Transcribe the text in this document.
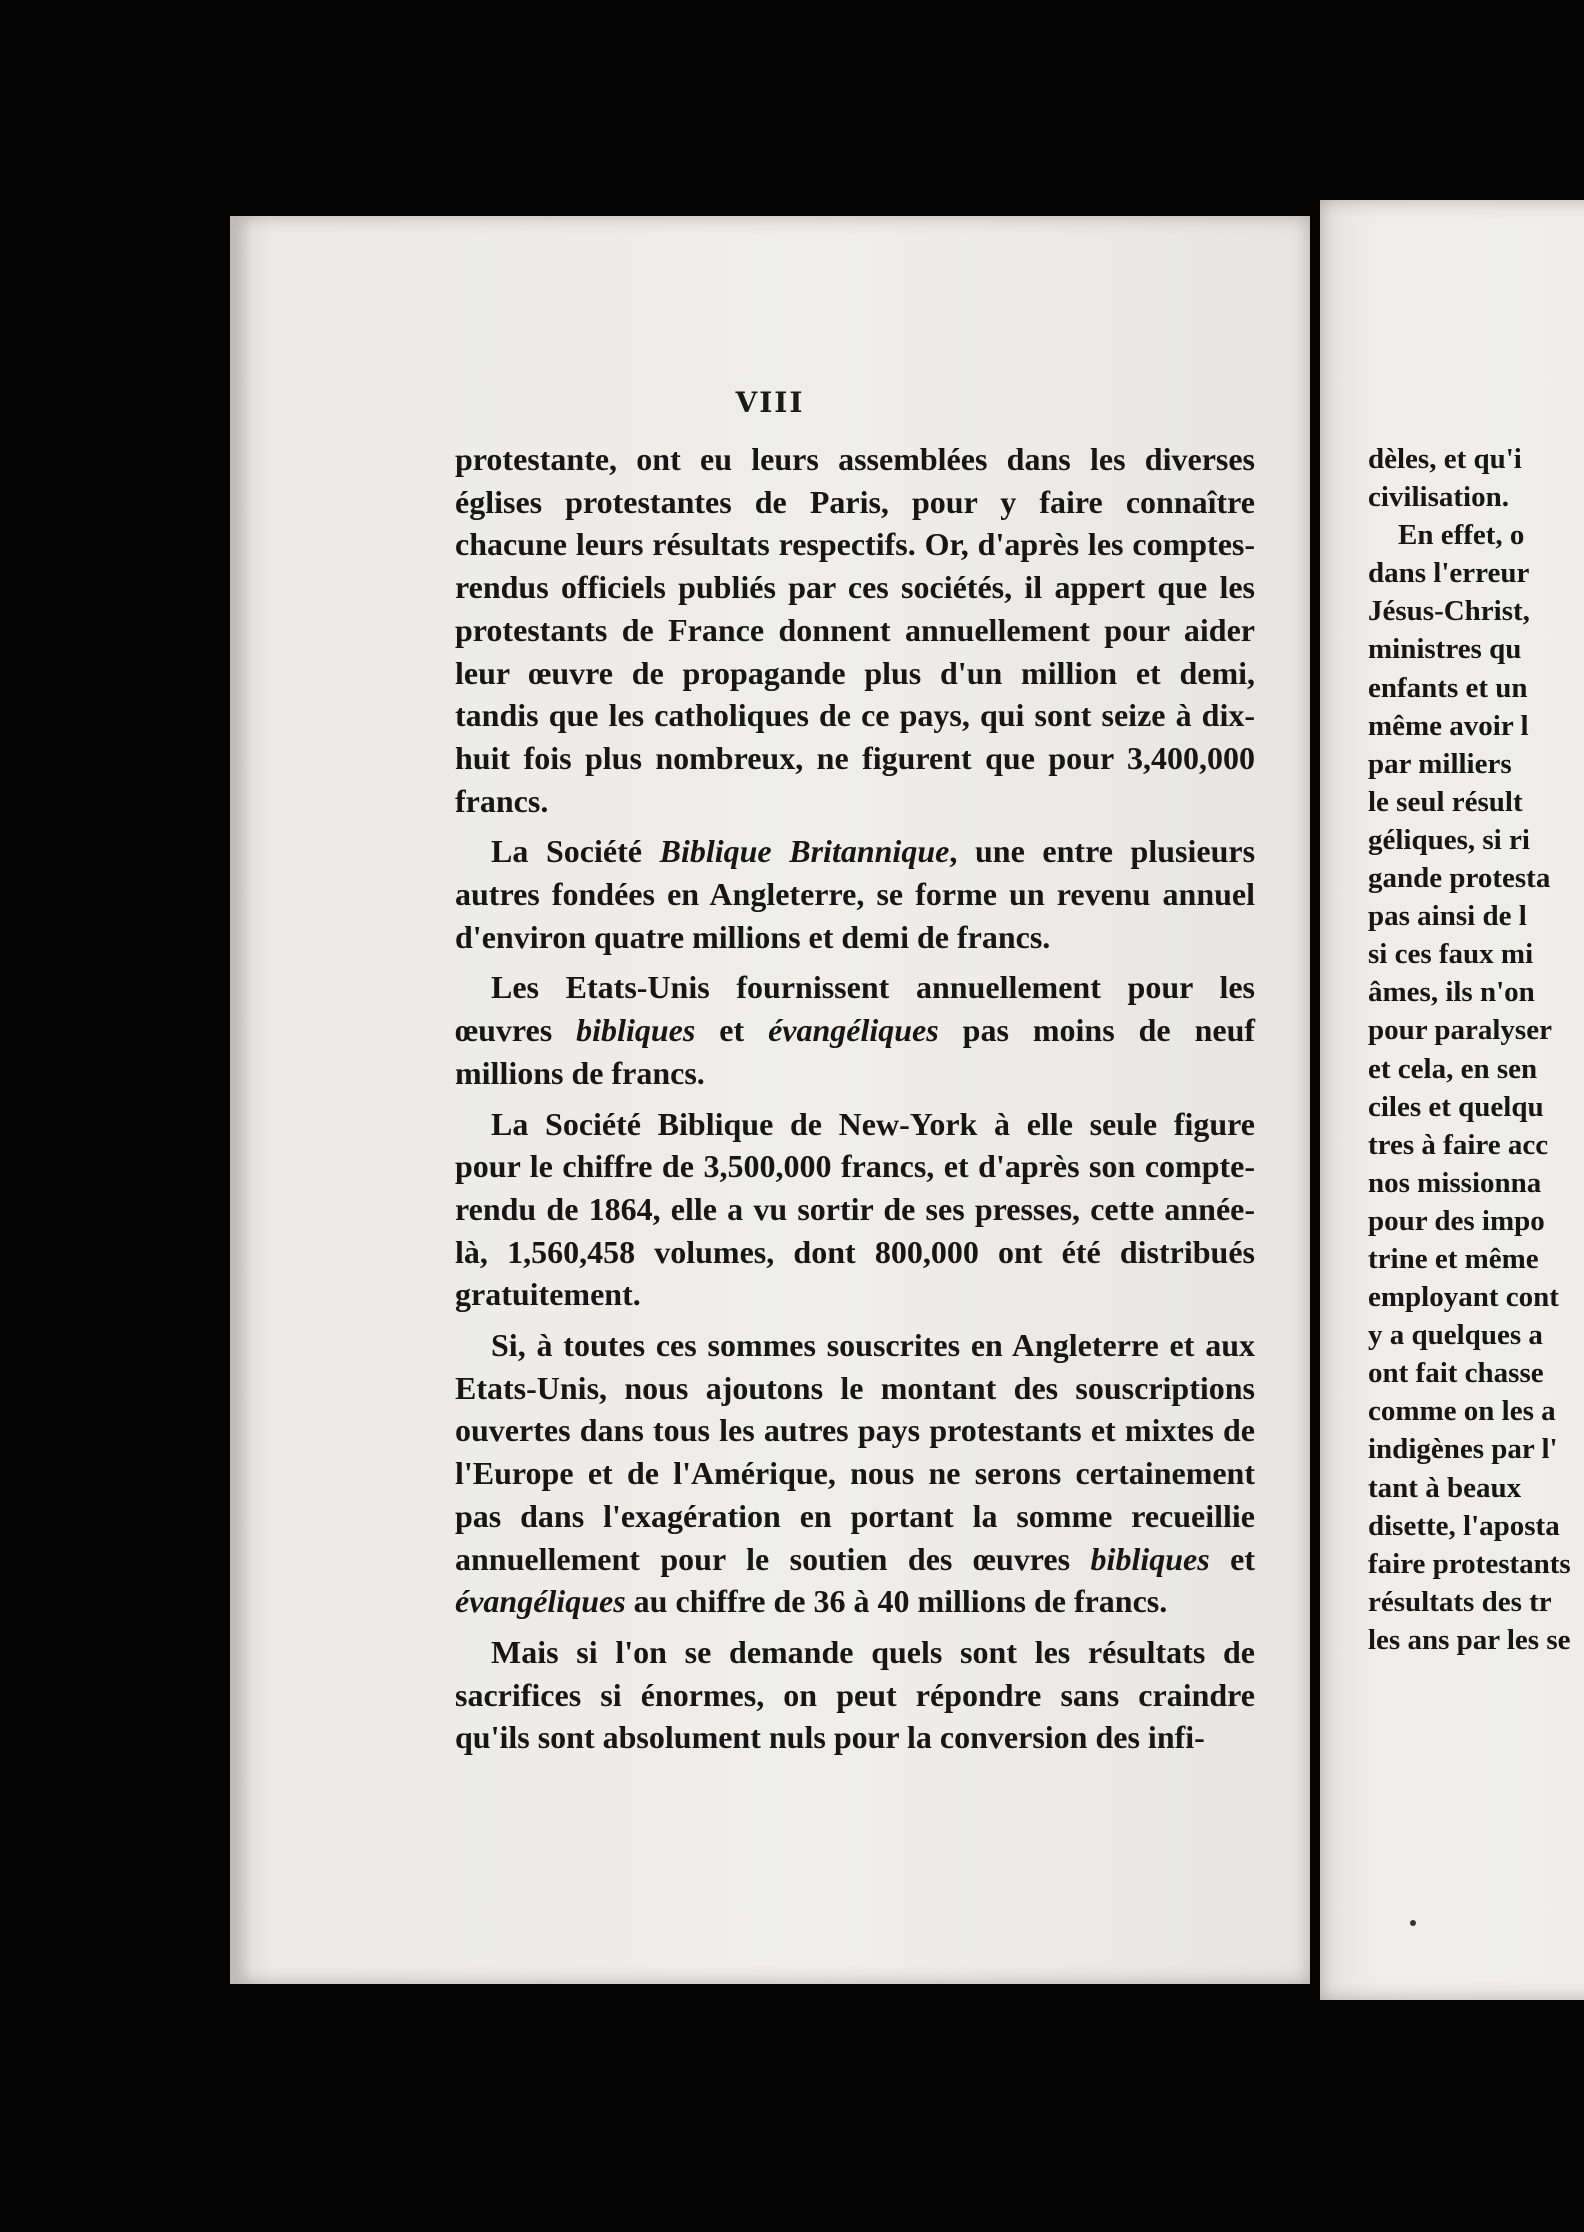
VIII

protestante, ont eu leurs assemblées dans les diverses églises protestantes de Paris, pour y faire connaître chacune leurs résultats respectifs. Or, d'après les comptes-rendus officiels publiés par ces sociétés, il appert que les protestants de France donnent annuellement pour aider leur œuvre de propagande plus d'un million et demi, tandis que les catholiques de ce pays, qui sont seize à dix-huit fois plus nombreux, ne figurent que pour 3,400,000 francs.

La Société Biblique Britannique, une entre plusieurs autres fondées en Angleterre, se forme un revenu annuel d'environ quatre millions et demi de francs.

Les Etats-Unis fournissent annuellement pour les œuvres bibliques et évangéliques pas moins de neuf millions de francs.

La Société Biblique de New-York à elle seule figure pour le chiffre de 3,500,000 francs, et d'après son compte-rendu de 1864, elle a vu sortir de ses presses, cette année-là, 1,560,458 volumes, dont 800,000 ont été distribués gratuitement.

Si, à toutes ces sommes souscrites en Angleterre et aux Etats-Unis, nous ajoutons le montant des souscriptions ouvertes dans tous les autres pays protestants et mixtes de l'Europe et de l'Amérique, nous ne serons certainement pas dans l'exagération en portant la somme recueillie annuellement pour le soutien des œuvres bibliques et évangéliques au chiffre de 36 à 40 millions de francs.

Mais si l'on se demande quels sont les résultats de sacrifices si énormes, on peut répondre sans craindre qu'ils sont absolument nuls pour la conversion des infi-

dèles, et qu'i
civilisation.
En effet, o
dans l'erreur
Jésus-Christ,
ministres qu
enfants et un
même avoir l
par milliers
le seul résult
géliques, si ri
gande protesta
pas ainsi de l
si ces faux mi
âmes, ils n'on
pour paralyser
et cela, en sen
ciles et quelqu
tres à faire acc
nos missionna
pour des impo
trine et même
employant cont
y a quelques a
ont fait chasse
comme on les a
indigènes par l'
tant à beaux
disette, l'aposta
faire protestants
résultats des tr
les ans par les se
